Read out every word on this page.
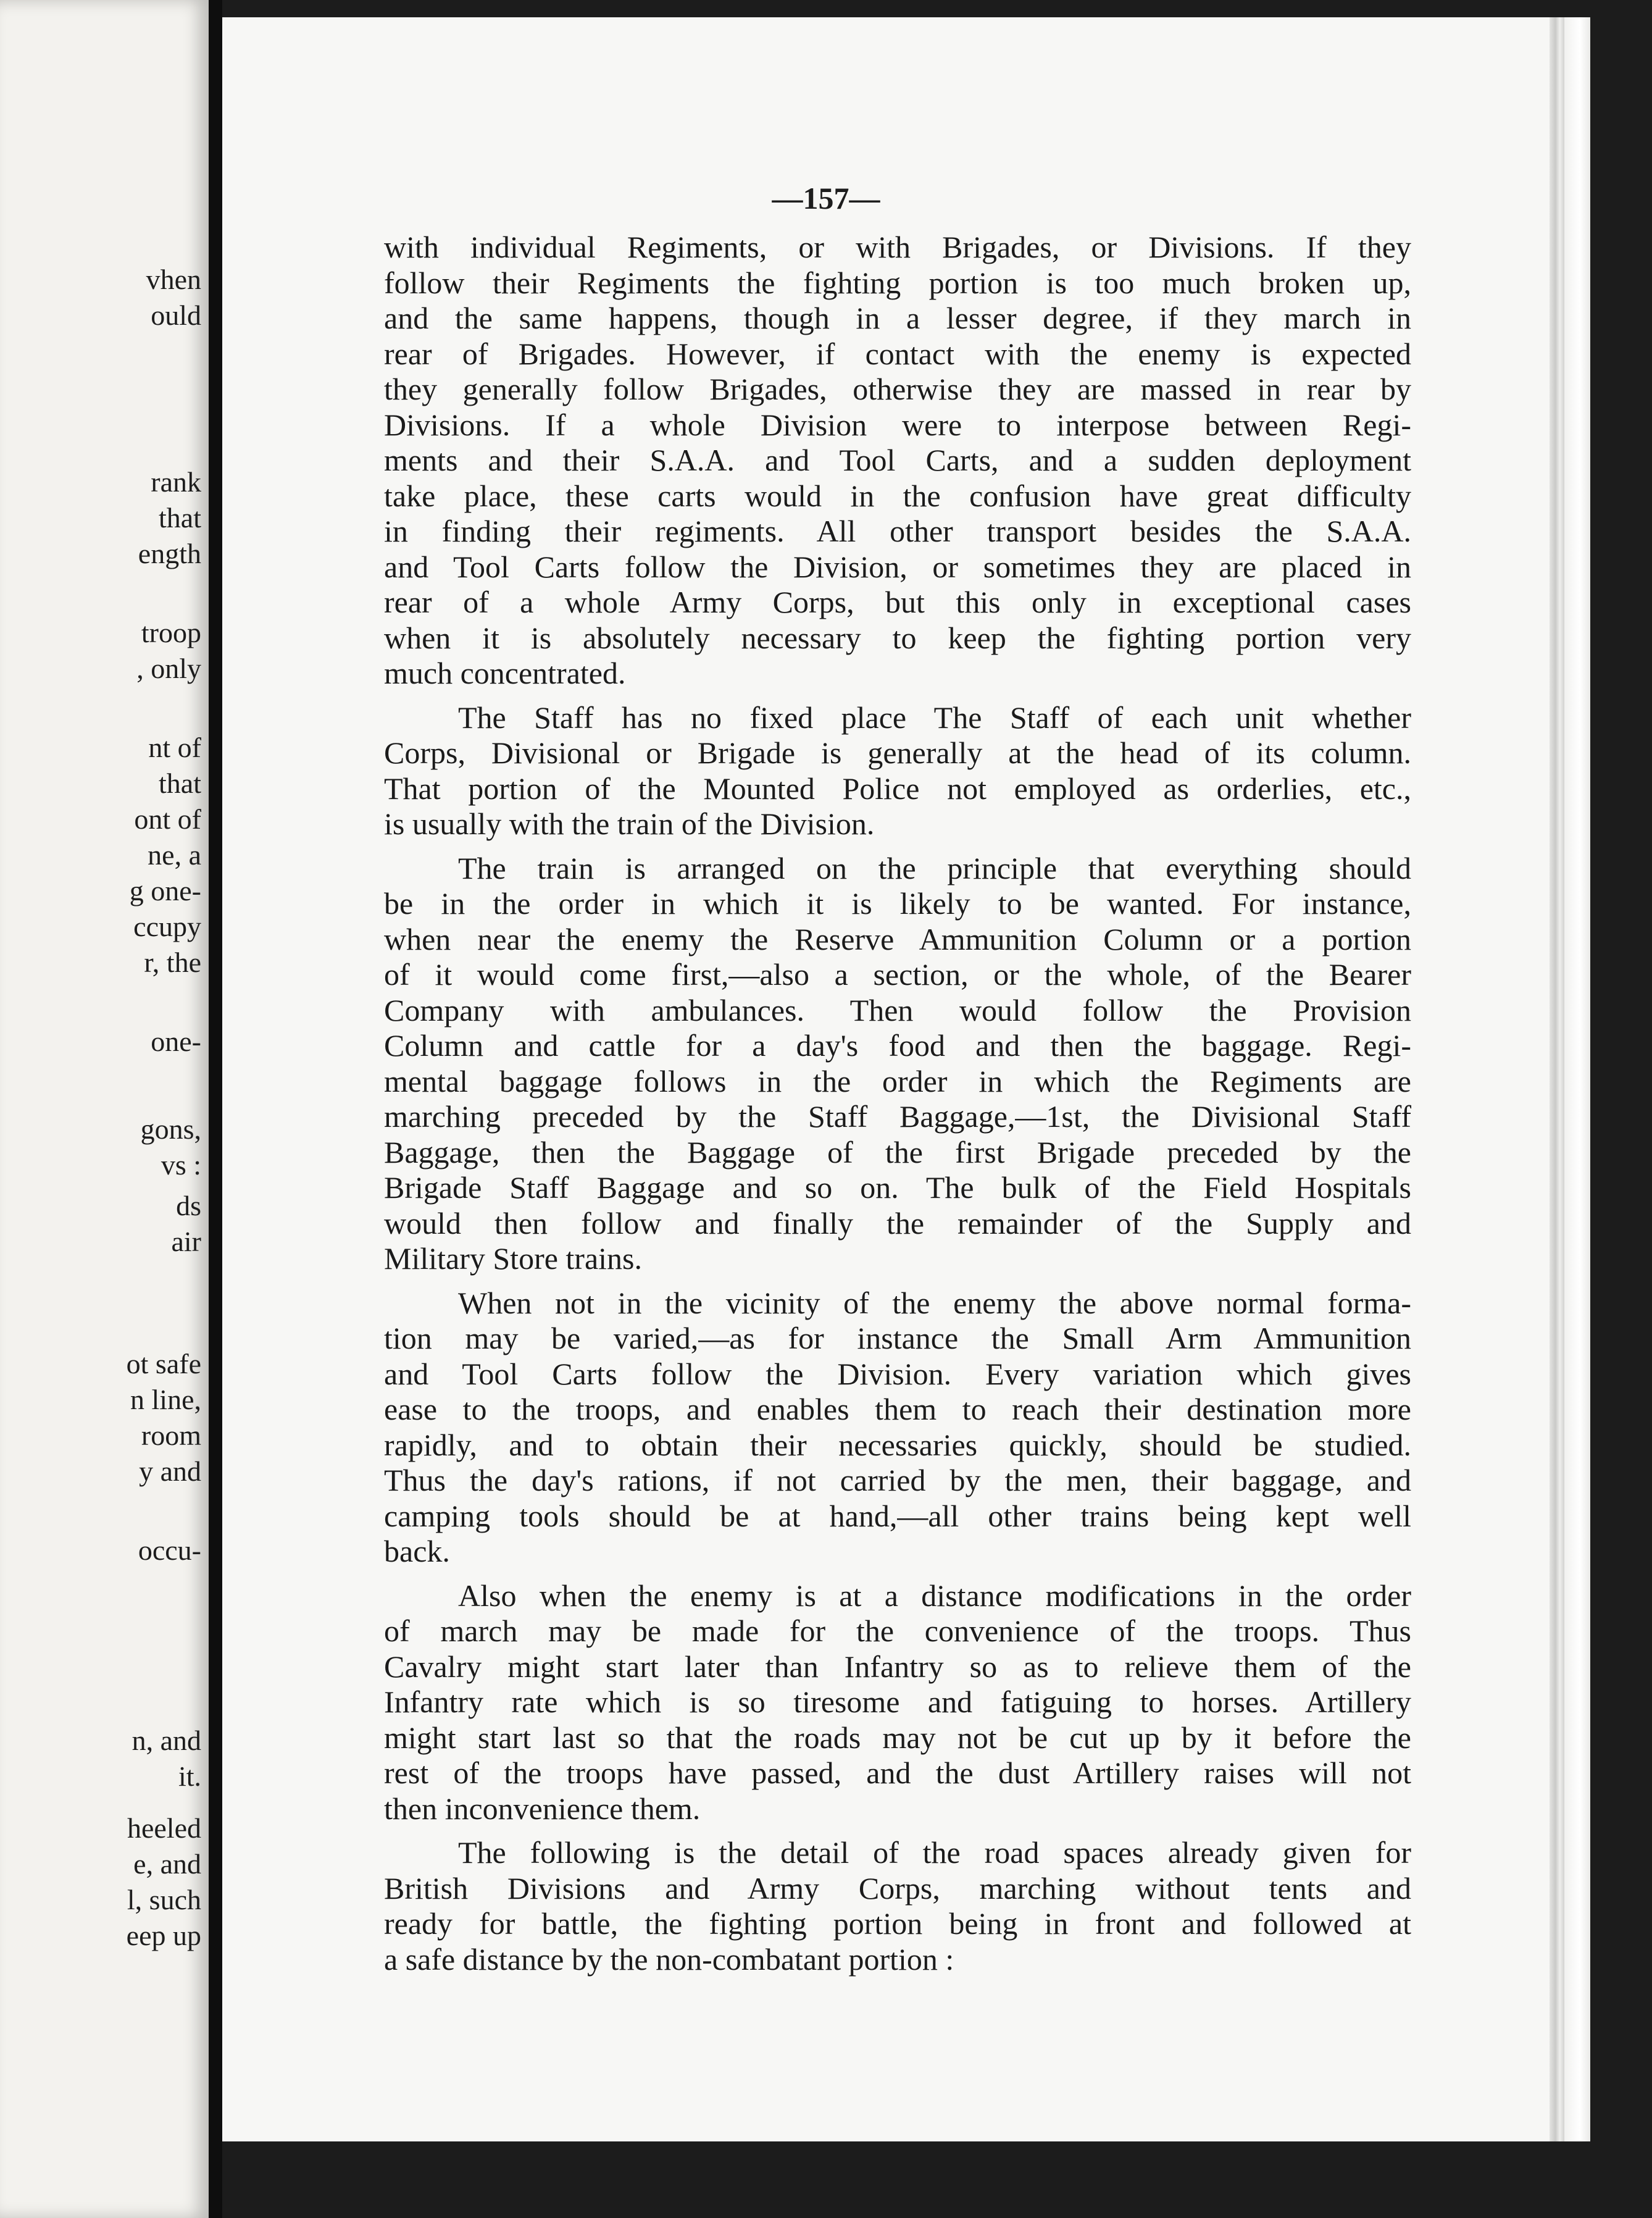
vhen
ould
rank
that
ength
troop
, only
nt of
that
ont of
ne, a
g one-
ccupy
r, the
one-
gons,
vs :
ds
air
ot safe
n line,
room
y and
occu-
n, and
it.
heeled
e, and
l, such
eep up
—157—
with individual Regiments, or with Brigades, or Divisions. If they
follow their Regiments the fighting portion is too much broken up,
and the same happens, though in a lesser degree, if they march in
rear of Brigades. However, if contact with the enemy is expected
they generally follow Brigades, otherwise they are massed in rear by
Divisions. If a whole Division were to interpose between Regi-
ments and their S.A.A. and Tool Carts, and a sudden deployment
take place, these carts would in the confusion have great difficulty
in finding their regiments. All other transport besides the S.A.A.
and Tool Carts follow the Division, or sometimes they are placed in
rear of a whole Army Corps, but this only in exceptional cases
when it is absolutely necessary to keep the fighting portion very
much concentrated.
The Staff has no fixed place The Staff of each unit whether
Corps, Divisional or Brigade is generally at the head of its column.
That portion of the Mounted Police not employed as orderlies, etc.,
is usually with the train of the Division.
The train is arranged on the principle that everything should
be in the order in which it is likely to be wanted. For instance,
when near the enemy the Reserve Ammunition Column or a portion
of it would come first,—also a section, or the whole, of the Bearer
Company with ambulances. Then would follow the Provision
Column and cattle for a day's food and then the baggage. Regi-
mental baggage follows in the order in which the Regiments are
marching preceded by the Staff Baggage,—1st, the Divisional Staff
Baggage, then the Baggage of the first Brigade preceded by the
Brigade Staff Baggage and so on. The bulk of the Field Hospitals
would then follow and finally the remainder of the Supply and
Military Store trains.
When not in the vicinity of the enemy the above normal forma-
tion may be varied,—as for instance the Small Arm Ammunition
and Tool Carts follow the Division. Every variation which gives
ease to the troops, and enables them to reach their destination more
rapidly, and to obtain their necessaries quickly, should be studied.
Thus the day's rations, if not carried by the men, their baggage, and
camping tools should be at hand,—all other trains being kept well
back.
Also when the enemy is at a distance modifications in the order
of march may be made for the convenience of the troops. Thus
Cavalry might start later than Infantry so as to relieve them of the
Infantry rate which is so tiresome and fatiguing to horses. Artillery
might start last so that the roads may not be cut up by it before the
rest of the troops have passed, and the dust Artillery raises will not
then inconvenience them.
The following is the detail of the road spaces already given for
British Divisions and Army Corps, marching without tents and
ready for battle, the fighting portion being in front and followed at
a safe distance by the non-combatant portion :
